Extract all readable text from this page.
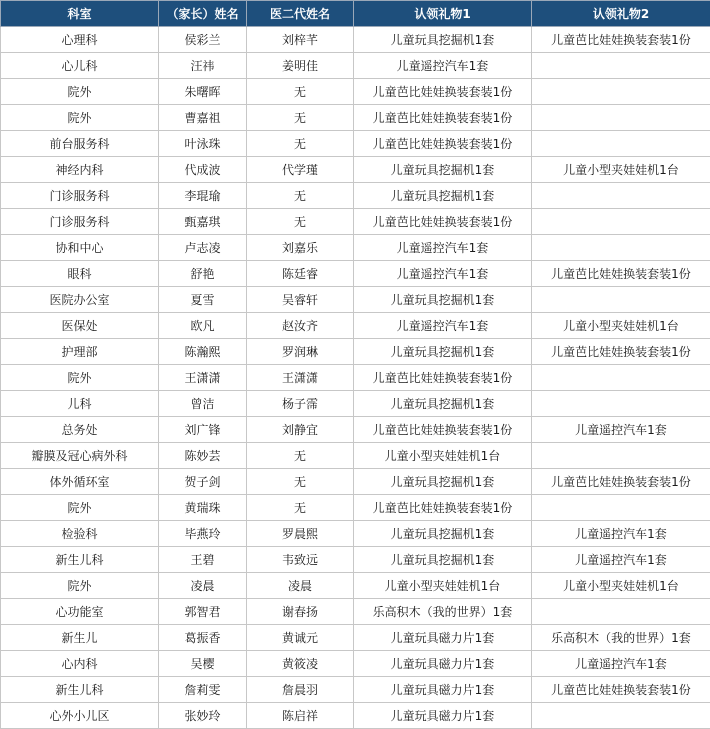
科室	（家长）姓名	医二代姓名	认领礼物1	认领礼物2
心理科	侯彩兰	刘梓芊	儿童玩具挖掘机1套	儿童芭比娃娃换装套装1份
心儿科	汪祎	姜明佳	儿童遥控汽车1套	
院外	朱曙晖	无	儿童芭比娃娃换装套装1份	
院外	曹嘉祖	无	儿童芭比娃娃换装套装1份	
前台服务科	叶泳珠	无	儿童芭比娃娃换装套装1份	
神经内科	代成波	代学瑾	儿童玩具挖掘机1套	儿童小型夹娃娃机1台
门诊服务科	李琨瑜	无	儿童玩具挖掘机1套	
门诊服务科	甄嘉琪	无	儿童芭比娃娃换装套装1份	
协和中心	卢志凌	刘嘉乐	儿童遥控汽车1套	
眼科	舒艳	陈廷睿	儿童遥控汽车1套	儿童芭比娃娃换装套装1份
医院办公室	夏雪	吴睿轩	儿童玩具挖掘机1套	
医保处	欧凡	赵汝齐	儿童遥控汽车1套	儿童小型夹娃娃机1台
护理部	陈瀚熙	罗润琳	儿童玩具挖掘机1套	儿童芭比娃娃换装套装1份
院外	王潇潇	王潇潇	儿童芭比娃娃换装套装1份	
儿科	曾洁	杨子霈	儿童玩具挖掘机1套	
总务处	刘广锋	刘静宜	儿童芭比娃娃换装套装1份	儿童遥控汽车1套
瓣膜及冠心病外科	陈妙芸	无	儿童小型夹娃娃机1台	
体外循环室	贺子剑	无	儿童玩具挖掘机1套	儿童芭比娃娃换装套装1份
院外	黄瑞珠	无	儿童芭比娃娃换装套装1份	
检验科	毕燕玲	罗晨熙	儿童玩具挖掘机1套	儿童遥控汽车1套
新生儿科	王碧	韦致远	儿童玩具挖掘机1套	儿童遥控汽车1套
院外	凌晨	凌晨	儿童小型夹娃娃机1台	儿童小型夹娃娃机1台
心功能室	郭智君	谢春扬	乐高积木（我的世界）1套	
新生儿	葛振香	黄诚元	儿童玩具磁力片1套	乐高积木（我的世界）1套
心内科	吴樱	黄筱凌	儿童玩具磁力片1套	儿童遥控汽车1套
新生儿科	詹莉雯	詹晨羽	儿童玩具磁力片1套	儿童芭比娃娃换装套装1份
心外小儿区	张妙玲	陈启祥	儿童玩具磁力片1套	
